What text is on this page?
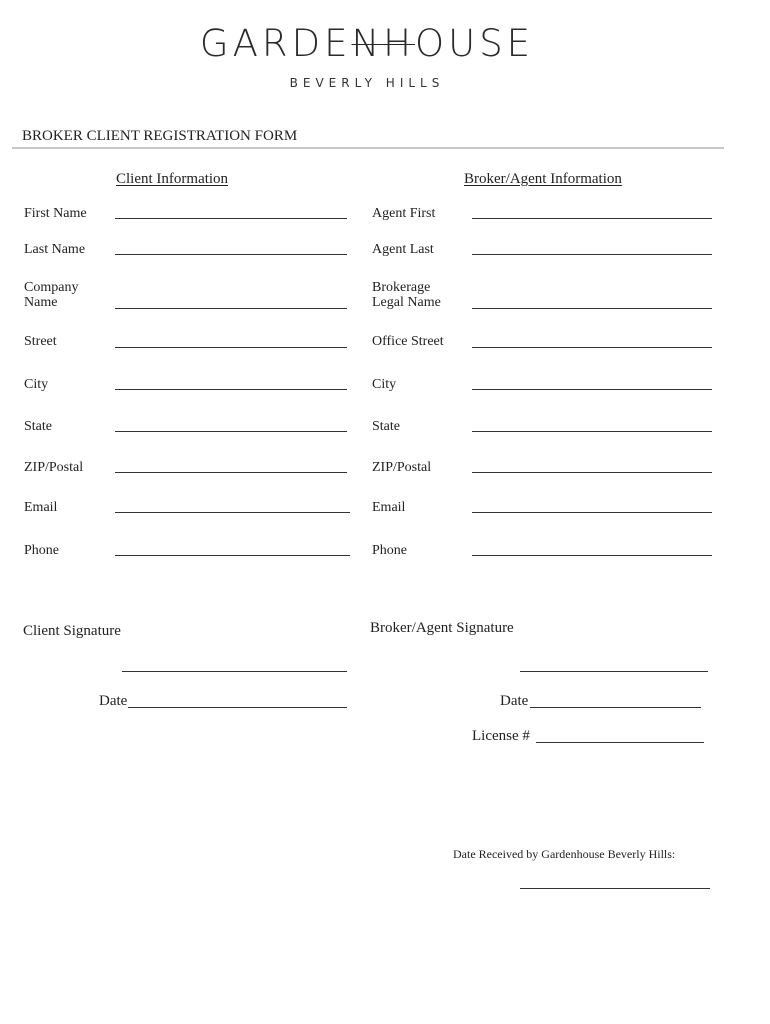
GARDENHOUSE
BEVERLY HILLS
BROKER CLIENT REGISTRATION FORM
Client Information	Broker/Agent Information
First Name
Last Name
Company
Name
Street
City
State
ZIP/Postal
Email
Phone
Agent First
Agent Last
Brokerage
Legal Name
Office Street
City
State
ZIP/Postal
Email
Phone
Client Signature
Date
Broker/Agent Signature
Date
License #
Date Received by Gardenhouse Beverly Hills:
